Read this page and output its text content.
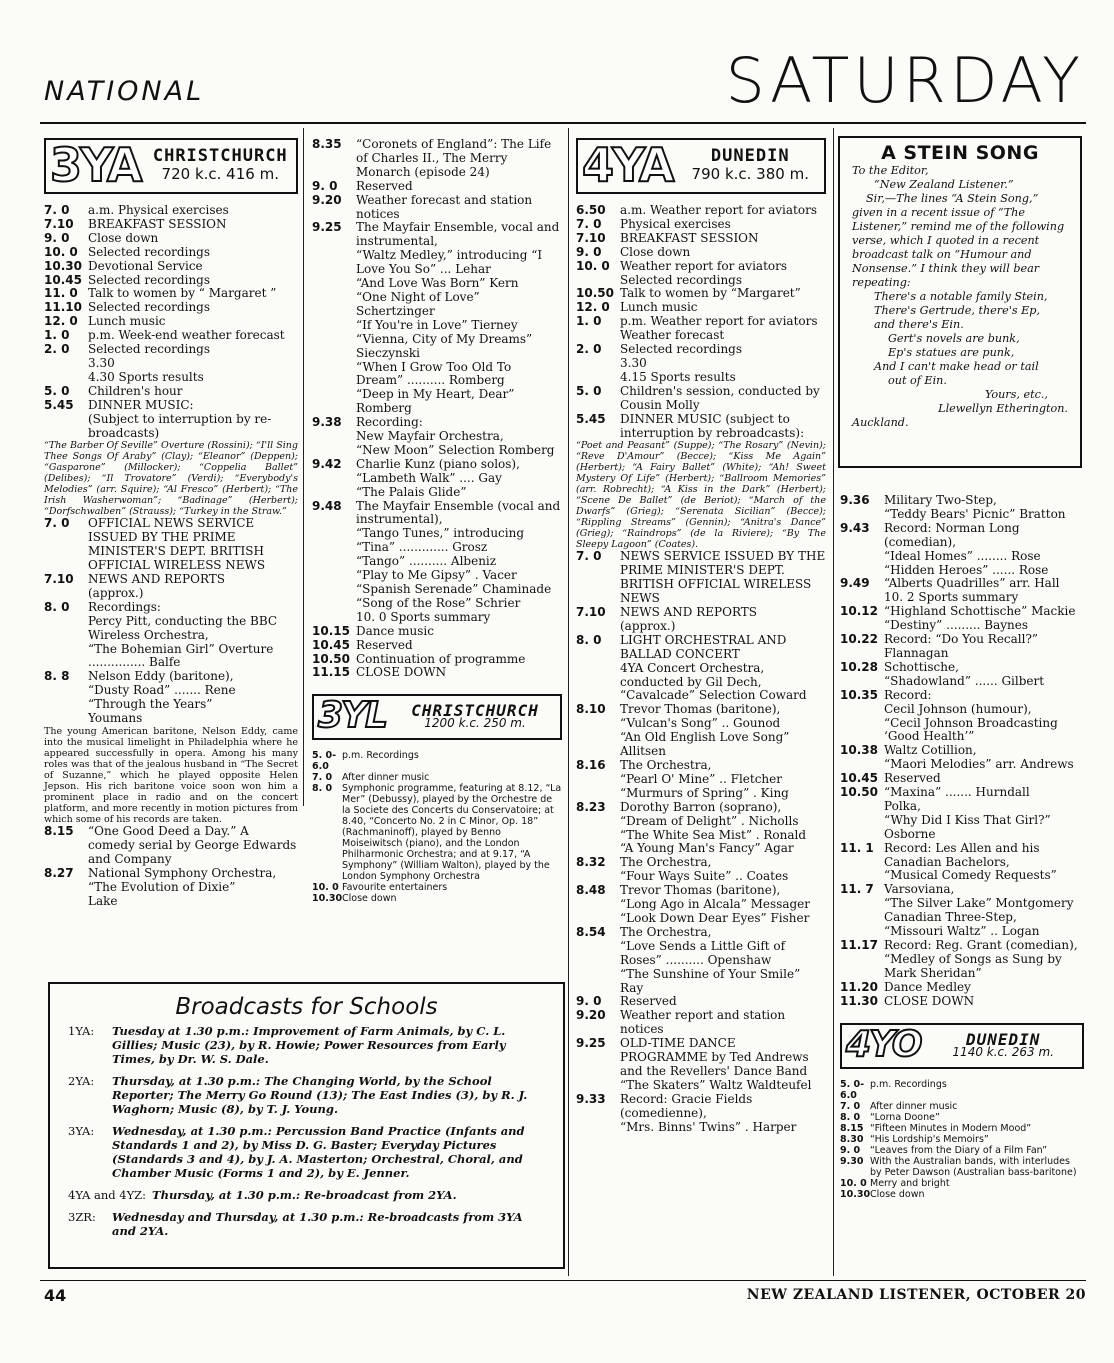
NATIONAL	SATURDAY
3YA CHRISTCHURCH
720 k.c. 416 m.
7. 0	a.m. Physical exercises
7.10	BREAKFAST SESSION
9. 0	Close down
10. 0 Selected recordings
10.30 Devotional Service
10.45 Selected recordings
11. 0 Talk to women by “ Margaret ”
11.10 Selected recordings
12. 0 Lunch music
1. 0	p.m. Week-end weather forecast
2. 0	Selected recordings
3.30
4.30 Sports results
5. 0	Children's hour
5.45	DINNER MUSIC:
(Subject to interruption by re-broadcasts)
“The Barber Of Seville” Overture (Rossini); “I'll Sing Thee Songs Of Araby” (Clay); “Eleanor” (Deppen); “Gasparone” (Millocker); “Coppelia Ballet” (Delibes); “Il Trovatore” (Verdi); “Everybody's Melodies” (arr. Squire); “Al Fresco” (Herbert); “The Irish Washerwoman”; “Badinage” (Herbert); “Dorfschwalben” (Strauss); “Turkey in the Straw.”
7. 0	OFFICIAL NEWS SERVICE ISSUED BY THE PRIME MINISTER'S DEPT. BRITISH OFFICIAL WIRELESS NEWS
7.10	NEWS AND REPORTS
(approx.)
8. 0	Recordings:
Percy Pitt, conducting the BBC Wireless Orchestra,
“The Bohemian Girl” Overture ............... Balfe
8. 8	Nelson Eddy (baritone),
“Dusty Road” ....... Rene
“Through the Years”
Youmans
The young American baritone, Nelson Eddy, came into the musical limelight in Philadelphia where he appeared successfully in opera. Among his many roles was that of the jealous husband in “The Secret of Suzanne,” which he played opposite Helen Jepson. His rich baritone voice soon won him a prominent place in radio and on the concert platform, and more recently in motion pictures from which some of his records are taken.
8.15	“One Good Deed a Day.” A comedy serial by George Edwards and Company
8.27	National Symphony Orchestra,
“The Evolution of Dixie”
Lake
8.35	“Coronets of England”: The Life of Charles II., The Merry Monarch (episode 24)
9. 0	Reserved
9.20	Weather forecast and station notices
9.25	The Mayfair Ensemble, vocal and instrumental,
“Waltz Medley,” introducing “I Love You So” ... Lehar
“And Love Was Born” Kern
“One Night of Love” Schertzinger
“If You're in Love” Tierney
“Vienna, City of My Dreams” Sieczynski
“When I Grow Too Old To Dream” .......... Romberg
“Deep in My Heart, Dear” Romberg
9.38	Recording:
New Mayfair Orchestra,
“New Moon” Selection Romberg
9.42	Charlie Kunz (piano solos),
“Lambeth Walk” .... Gay
“The Palais Glide”
9.48	The Mayfair Ensemble (vocal and instrumental),
“Tango Tunes,” introducing
“Tina” ............. Grosz
“Tango” .......... Albeniz
“Play to Me Gipsy” . Vacer
“Spanish Serenade” Chaminade
“Song of the Rose” Schrier
10. 0 Sports summary
10.15 Dance music
10.45 Reserved
10.50 Continuation of programme
11.15 CLOSE DOWN
3YL CHRISTCHURCH
1200 k.c. 250 m.
5. 0-6.0
p.m. Recordings
7. 0	After dinner music
8. 0	Symphonic programme, featuring at 8.12, “La Mer” (Debussy), played by the Orchestre de la Societe des Concerts du Conservatoire; at 8.40, “Concerto No. 2 in C Minor, Op. 18” (Rachmaninoff), played by Benno Moiseiwitsch (piano), and the London Philharmonic Orchestra; and at 9.17, “A Symphony” (William Walton), played by the London Symphony Orchestra
10. 0 Favourite entertainers
10.30 Close down
4YA DUNEDIN
790 k.c. 380 m.
6.50	a.m. Weather report for aviators
7. 0	Physical exercises
7.10	BREAKFAST SESSION
9. 0	Close down
10. 0 Weather report for aviators Selected recordings
10.50 Talk to women by “Margaret”
12. 0 Lunch music
1. 0	p.m. Weather report for aviators
Weather forecast
2. 0	Selected recordings
3.30
4.15 Sports results
5. 0	Children's session, conducted by Cousin Molly
5.45	DINNER MUSIC (subject to interruption by rebroadcasts):
“Poet and Peasant” (Suppe); “The Rosary” (Nevin); “Reve D'Amour” (Becce); “Kiss Me Again” (Herbert); “A Fairy Ballet” (White); “Ah! Sweet Mystery Of Life” (Herbert); “Ballroom Memories” (arr. Robrecht); “A Kiss in the Dark” (Herbert); “Scene De Ballet” (de Beriot); “March of the Dwarfs” (Grieg); “Serenata Sicilian” (Becce); “Rippling Streams” (Gennin); “Anitra's Dance” (Grieg); “Raindrops” (de la Riviere); “By The Sleepy Lagoon” (Coates).
7. 0	NEWS SERVICE ISSUED BY THE PRIME MINISTER'S DEPT. BRITISH OFFICIAL WIRELESS NEWS
7.10	NEWS AND REPORTS
(approx.)
8. 0	LIGHT ORCHESTRAL AND BALLAD CONCERT
4YA Concert Orchestra, conducted by Gil Dech,
“Cavalcade” Selection Coward
8.10	Trevor Thomas (baritone),
“Vulcan's Song” .. Gounod
“An Old English Love Song” Allitsen
8.16	The Orchestra,
“Pearl O' Mine” .. Fletcher
“Murmurs of Spring” . King
8.23	Dorothy Barron (soprano),
“Dream of Delight” . Nicholls
“The White Sea Mist” . Ronald
“A Young Man's Fancy” Agar
8.32	The Orchestra,
“Four Ways Suite” .. Coates
8.48	Trevor Thomas (baritone),
“Long Ago in Alcala” Messager
“Look Down Dear Eyes” Fisher
8.54	The Orchestra,
“Love Sends a Little Gift of Roses” .......... Openshaw
“The Sunshine of Your Smile” Ray
9. 0	Reserved
9.20	Weather report and station notices
9.25	OLD-TIME DANCE PROGRAMME by Ted Andrews and the Revellers' Dance Band
“The Skaters” Waltz Waldteufel
9.33	Record: Gracie Fields (comedienne),
“Mrs. Binns' Twins” . Harper
A STEIN SONG

To the Editor,

“New Zealand Listener.”

Sir,—The lines “A Stein Song,” given in a recent issue of “The Listener,” remind me of the following verse, which I quoted in a recent broadcast talk on “Humour and Nonsense.” I think they will bear repeating:

There's a notable family Stein,

There's Gertrude, there's Ep,

and there's Ein.

Gert's novels are bunk,

Ep's statues are punk,

And I can't make head or tail

out of Ein.

Yours, etc.,

Llewellyn Etherington.

Auckland.

9.36	Military Two-Step,
“Teddy Bears' Picnic” Bratton
9.43	Record: Norman Long (comedian),
“Ideal Homes” ........ Rose
“Hidden Heroes” ...... Rose
9.49	“Alberts Quadrilles” arr. Hall
10. 2 Sports summary
10.12 “Highland Schottische” Mackie
“Destiny” ......... Baynes
10.22 Record: “Do You Recall?” Flannagan
10.28 Schottische,
“Shadowland” ...... Gilbert
10.35 Record:
Cecil Johnson (humour),
“Cecil Johnson Broadcasting ‘Good Health’”
10.38 Waltz Cotillion,
“Maori Melodies” arr. Andrews
10.45 Reserved
10.50 “Maxina” ....... Hurndall
Polka,
“Why Did I Kiss That Girl?” Osborne
11. 1 Record: Les Allen and his Canadian Bachelors,
“Musical Comedy Requests”
11. 7 Varsoviana,
“The Silver Lake” Montgomery
Canadian Three-Step,
“Missouri Waltz” .. Logan
11.17 Record: Reg. Grant (comedian),
“Medley of Songs as Sung by Mark Sheridan”
11.20 Dance Medley
11.30 CLOSE DOWN
4YO	DUNEDIN
1140 k.c. 263 m.
5. 0-6.0
p.m. Recordings
7. 0	After dinner music
8. 0	“Lorna Doone”
8.15 “Fifteen Minutes in Modern Mood”
8.30 “His Lordship's Memoirs”
9. 0	“Leaves from the Diary of a Film Fan”
9.30 With the Australian bands, with interludes by Peter Dawson (Australian bass-baritone)
10. 0 Merry and bright
10.30 Close down
Broadcasts for Schools
1YA:	Tuesday at 1.30 p.m.: Improvement of Farm Animals, by C. L. Gillies; Music (23), by R. Howie; Power Resources from Early Times, by Dr. W. S. Dale.
2YA:	Thursday, at 1.30 p.m.: The Changing World, by the School Reporter; The Merry Go Round (13); The East Indies (3), by R. J. Waghorn; Music (8), by T. J. Young.
3YA:	Wednesday, at 1.30 p.m.: Percussion Band Practice (Infants and Standards 1 and 2), by Miss D. G. Baster; Everyday Pictures (Standards 3 and 4), by J. A. Masterton; Orchestral, Choral, and Chamber Music (Forms 1 and 2), by E. Jenner.
4YA and 4YZ: Thursday, at 1.30 p.m.: Re-broadcast from 2YA.
3ZR:	Wednesday and Thursday, at 1.30 p.m.: Re-broadcasts from 3YA and 2YA.
44	NEW ZEALAND LISTENER, OCTOBER 20
